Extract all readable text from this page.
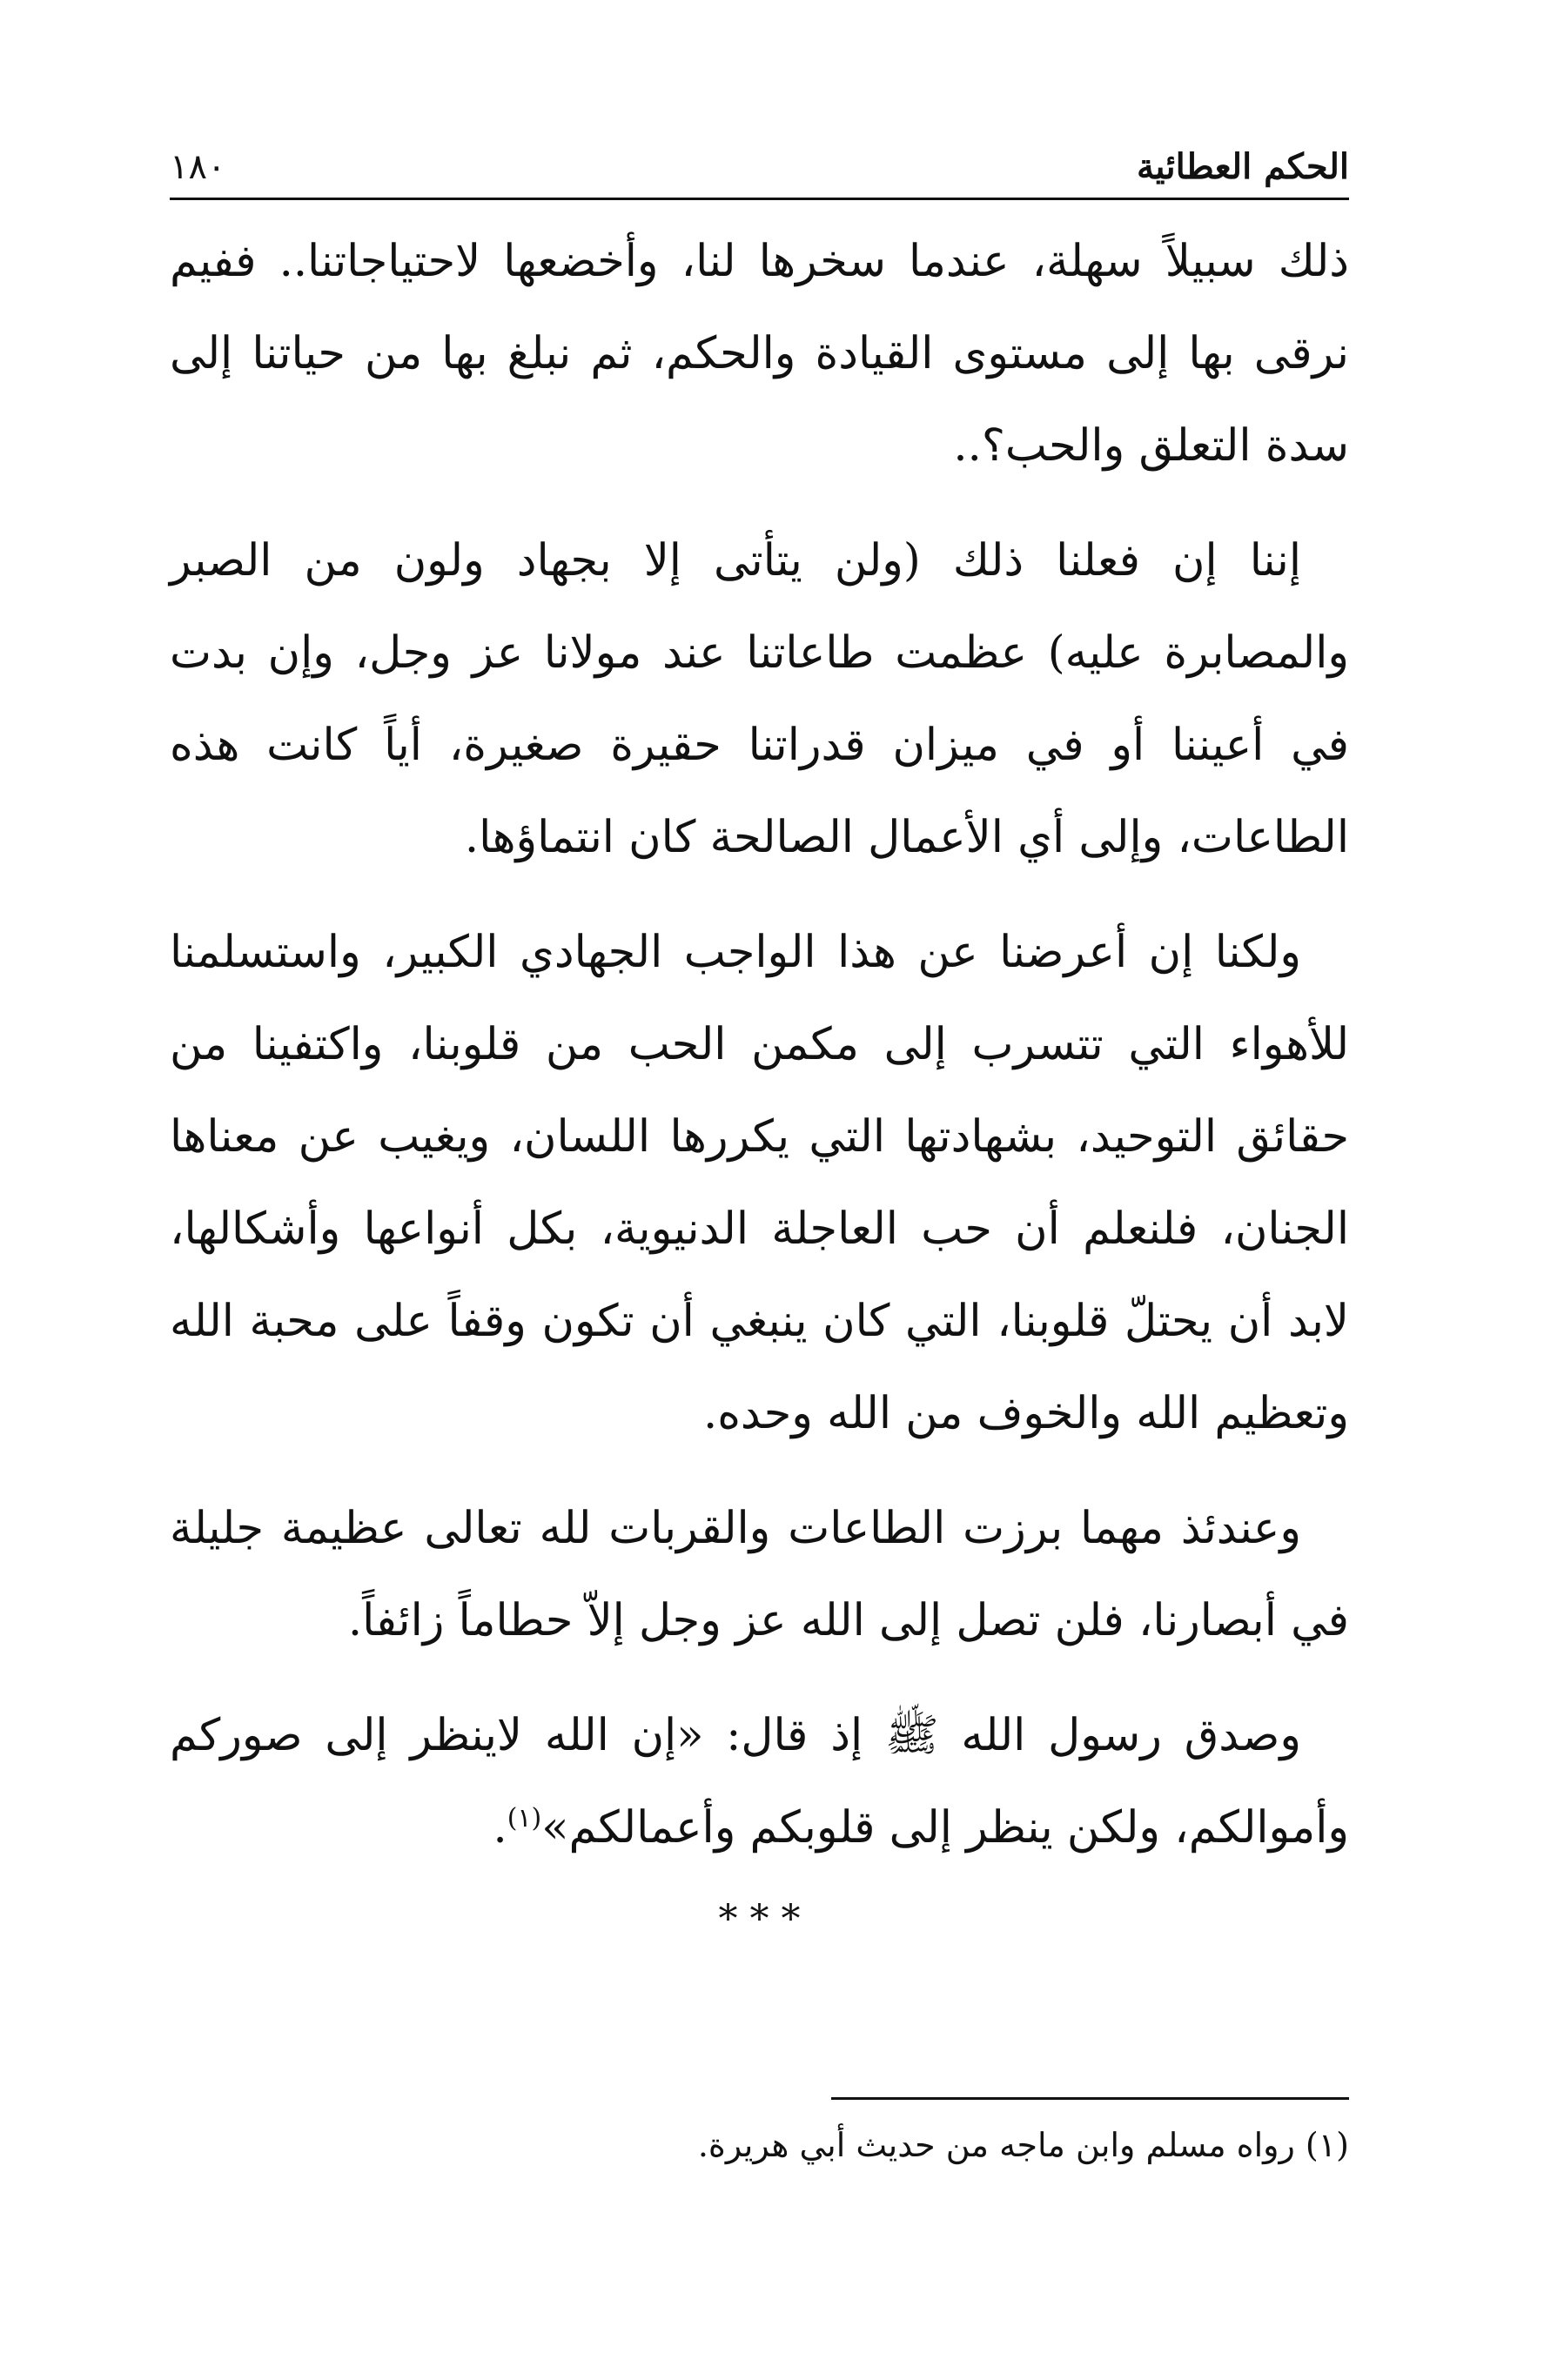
الحكم العطائية
١٨٠

ذلك سبيلاً سهلة، عندما سخرها لنا، وأخضعها لاحتياجاتنا.. ففيم نرقى بها إلى مستوى القيادة والحكم، ثم نبلغ بها من حياتنا إلى سدة التعلق والحب؟..

إننا إن فعلنا ذلك (ولن يتأتى إلا بجهاد ولون من الصبر والمصابرة عليه) عظمت طاعاتنا عند مولانا عز وجل، وإن بدت في أعيننا أو في ميزان قدراتنا حقيرة صغيرة، أياً كانت هذه الطاعات، وإلى أي الأعمال الصالحة كان انتماؤها.

ولكنا إن أعرضنا عن هذا الواجب الجهادي الكبير، واستسلمنا للأهواء التي تتسرب إلى مكمن الحب من قلوبنا، واكتفينا من حقائق التوحيد، بشهادتها التي يكررها اللسان، ويغيب عن معناها الجنان، فلنعلم أن حب العاجلة الدنيوية، بكل أنواعها وأشكالها، لابد أن يحتلّ قلوبنا، التي كان ينبغي أن تكون وقفاً على محبة الله وتعظيم الله والخوف من الله وحده.

وعندئذ مهما برزت الطاعات والقربات لله تعالى عظيمة جليلة في أبصارنا، فلن تصل إلى الله عز وجل إلاّ حطاماً زائفاً.

وصدق رسول الله ﷺ إذ قال: «إن الله لاينظر إلى صوركم وأموالكم، ولكن ينظر إلى قلوبكم وأعمالكم»$^{(١)}$.

* * *
(١) رواه مسلم وابن ماجه من حديث أبي هريرة.
